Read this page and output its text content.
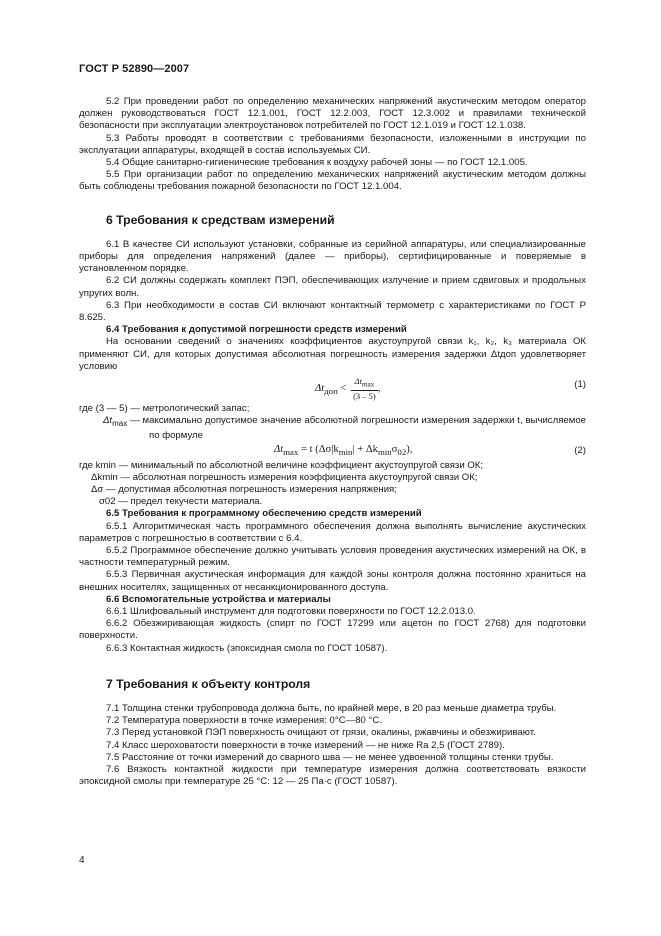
ГОСТ Р 52890—2007

5.2 При проведении работ по определению механических напряжений акустическим методом оператор должен руководствоваться ГОСТ 12.1.001, ГОСТ 12.2.003, ГОСТ 12.3.002 и правилами технической безопасности при эксплуатации электроустановок потребителей по ГОСТ 12.1.019 и ГОСТ 12.1.038.

5.3 Работы проводят в соответствии с требованиями безопасности, изложенными в инструкции по эксплуатации аппаратуры, входящей в состав используемых СИ.

5.4 Общие санитарно-гигиенические требования к воздуху рабочей зоны — по ГОСТ 12.1.005.

5.5 При организации работ по определению механических напряжений акустическим методом должны быть соблюдены требования пожарной безопасности по ГОСТ 12.1.004.

6 Требования к средствам измерений

6.1 В качестве СИ используют установки, собранные из серийной аппаратуры, или специализированные приборы для определения напряжений (далее — приборы), сертифицированные и поверяемые в установленном порядке.

6.2 СИ должны содержать комплект ПЭП, обеспечивающих излучение и прием сдвиговых и продольных упругих волн.

6.3 При необходимости в состав СИ включают контактный термометр с характеристиками по ГОСТ Р 8.625.

6.4 Требования к допустимой погрешности средств измерений

На основании сведений о значениях коэффициентов акустоупругой связи k₁, k₂, k₃ материала ОК применяют СИ, для которых допустимая абсолютная погрешность измерения задержки Δtдоп удовлетворяет условию

$\Delta t_{доп} < \frac{\Delta t_{max}}{(3 - 5)}$ ,	(1)

где (3 — 5) — метрологический запас;

$\Delta t_{max}$ — максимально допустимое значение абсолютной погрешности измерения задержки t, вычисляемое по формуле

$\Delta t_{max} = t$ $(\Delta\sigma|k_{min}| + \Delta k_{min}\sigma_{02})$,	(2)

где kmin — минимальный по абсолютной величине коэффициент акустоупругой связи ОК;

Δkmin — абсолютная погрешность измерения коэффициента акустоупругой связи ОК;

Δσ — допустимая абсолютная погрешность измерения напряжения;

σ02 — предел текучести материала.

6.5 Требования к программному обеспечению средств измерений

6.5.1 Алгоритмическая часть программного обеспечения должна выполнять вычисление акустических параметров с погрешностью в соответствии с 6.4.

6.5.2 Программное обеспечение должно учитывать условия проведения акустических измерений на ОК, в частности температурный режим.

6.5.3 Первичная акустическая информация для каждой зоны контроля должна постоянно храниться на внешних носителях, защищенных от несанкционированного доступа.

6.6 Вспомогательные устройства и материалы

6.6.1 Шлифовальный инструмент для подготовки поверхности по ГОСТ 12.2.013.0.

6.6.2 Обезжиривающая жидкость (спирт по ГОСТ 17299 или ацетон по ГОСТ 2768) для подготовки поверхности.

6.6.3 Контактная жидкость (эпоксидная смола по ГОСТ 10587).

7 Требования к объекту контроля

7.1 Толщина стенки трубопровода должна быть, по крайней мере, в 20 раз меньше диаметра трубы.

7.2 Температура поверхности в точке измерения: 0°С—80 °С.

7.3 Перед установкой ПЭП поверхность очищают от грязи, окалины, ржавчины и обезжиривают.

7.4 Класс шероховатости поверхности в точке измерений — не ниже Ra 2,5 (ГОСТ 2789).

7.5 Расстояние от точки измерений до сварного шва — не менее удвоенной толщины стенки трубы.

7.6 Вязкость контактной жидкости при температуре измерения должна соответствовать вязкости эпоксидной смолы при температуре 25 °С: 12 — 25 Па·с (ГОСТ 10587).

4
